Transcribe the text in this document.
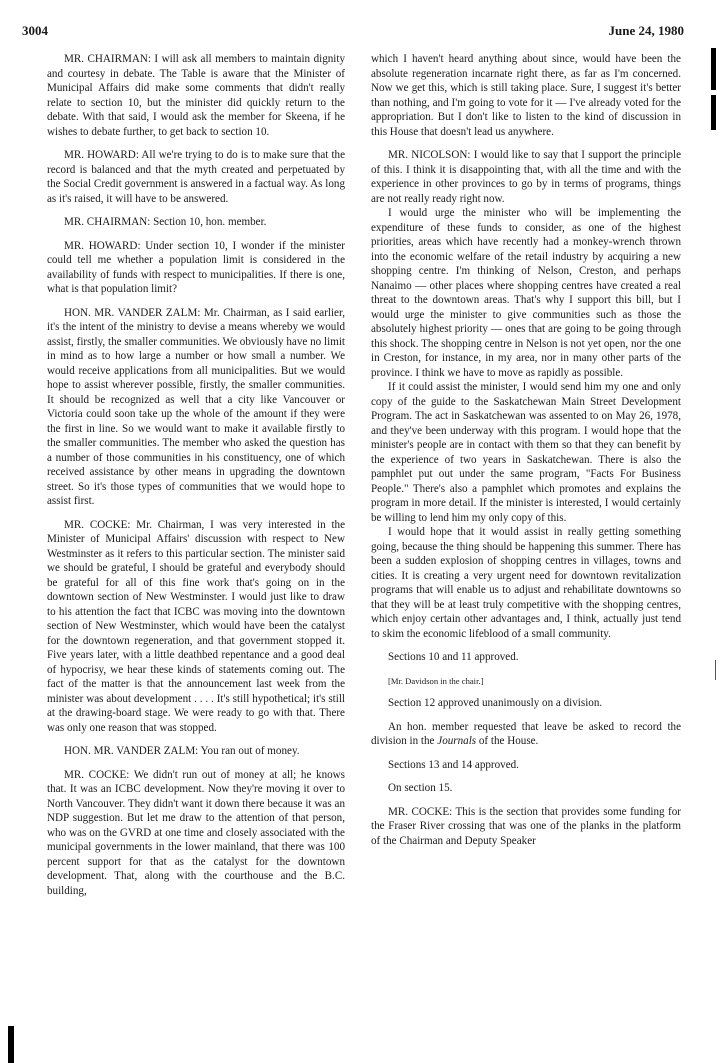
3004	June 24, 1980

MR. CHAIRMAN: I will ask all members to maintain dignity and courtesy in debate. The Table is aware that the Minister of Municipal Affairs did make some comments that didn't really relate to section 10, but the minister did quickly return to the debate. With that said, I would ask the member for Skeena, if he wishes to debate further, to get back to section 10.

MR. HOWARD: All we're trying to do is to make sure that the record is balanced and that the myth created and perpetuated by the Social Credit government is answered in a factual way. As long as it's raised, it will have to be answered.

MR. CHAIRMAN: Section 10, hon. member.

MR. HOWARD: Under section 10, I wonder if the minister could tell me whether a population limit is considered in the availability of funds with respect to municipalities. If there is one, what is that population limit?

HON. MR. VANDER ZALM: Mr. Chairman, as I said earlier, it's the intent of the ministry to devise a means whereby we would assist, firstly, the smaller communities. We obviously have no limit in mind as to how large a number or how small a number. We would receive applications from all municipalities. But we would hope to assist wherever possible, firstly, the smaller communities. It should be recognized as well that a city like Vancouver or Victoria could soon take up the whole of the amount if they were the first in line. So we would want to make it available firstly to the smaller communities. The member who asked the question has a number of those communities in his constituency, one of which received assistance by other means in upgrading the downtown street. So it's those types of communities that we would hope to assist first.

MR. COCKE: Mr. Chairman, I was very interested in the Minister of Municipal Affairs' discussion with respect to New Westminster as it refers to this particular section. The minister said we should be grateful, I should be grateful and everybody should be grateful for all of this fine work that's going on in the downtown section of New Westminster. I would just like to draw to his attention the fact that ICBC was moving into the downtown section of New Westminster, which would have been the catalyst for the downtown regeneration, and that government stopped it. Five years later, with a little deathbed repentance and a good deal of hypocrisy, we hear these kinds of statements coming out. The fact of the matter is that the announcement last week from the minister was about development . . . . It's still hypothetical; it's still at the drawing-board stage. We were ready to go with that. There was only one reason that was stopped.

HON. MR. VANDER ZALM: You ran out of money.

MR. COCKE: We didn't run out of money at all; he knows that. It was an ICBC development. Now they're moving it over to North Vancouver. They didn't want it down there because it was an NDP suggestion. But let me draw to the attention of that person, who was on the GVRD at one time and closely associated with the municipal governments in the lower mainland, that there was 100 percent support for that as the catalyst for the downtown development. That, along with the courthouse and the B.C. building,

which I haven't heard anything about since, would have been the absolute regeneration incarnate right there, as far as I'm concerned. Now we get this, which is still taking place. Sure, I suggest it's better than nothing, and I'm going to vote for it — I've already voted for the appropriation. But I don't like to listen to the kind of discussion in this House that doesn't lead us anywhere.

MR. NICOLSON: I would like to say that I support the principle of this. I think it is disappointing that, with all the time and with the experience in other provinces to go by in terms of programs, things are not really ready right now.

I would urge the minister who will be implementing the expenditure of these funds to consider, as one of the highest priorities, areas which have recently had a monkey-wrench thrown into the economic welfare of the retail industry by acquiring a new shopping centre. I'm thinking of Nelson, Creston, and perhaps Nanaimo — other places where shopping centres have created a real threat to the downtown areas. That's why I support this bill, but I would urge the minister to give communities such as those the absolutely highest priority — ones that are going to be going through this shock. The shopping centre in Nelson is not yet open, nor the one in Creston, for instance, in my area, nor in many other parts of the province. I think we have to move as rapidly as possible.

If it could assist the minister, I would send him my one and only copy of the guide to the Saskatchewan Main Street Development Program. The act in Saskatchewan was assented to on May 26, 1978, and they've been underway with this program. I would hope that the minister's people are in contact with them so that they can benefit by the experience of two years in Saskatchewan. There is also the pamphlet put out under the same program, "Facts For Business People." There's also a pamphlet which promotes and explains the program in more detail. If the minister is interested, I would certainly be willing to lend him my only copy of this.

I would hope that it would assist in really getting something going, because the thing should be happening this summer. There has been a sudden explosion of shopping centres in villages, towns and cities. It is creating a very urgent need for downtown revitalization programs that will enable us to adjust and rehabilitate downtowns so that they will be at least truly competitive with the shopping centres, which enjoy certain other advantages and, I think, actually just tend to skim the economic lifeblood of a small community.

Sections 10 and 11 approved.

[Mr. Davidson in the chair.]

Section 12 approved unanimously on a division.

An hon. member requested that leave be asked to record the division in the Journals of the House.

Sections 13 and 14 approved.

On section 15.

MR. COCKE: This is the section that provides some funding for the Fraser River crossing that was one of the planks in the platform of the Chairman and Deputy Speaker
